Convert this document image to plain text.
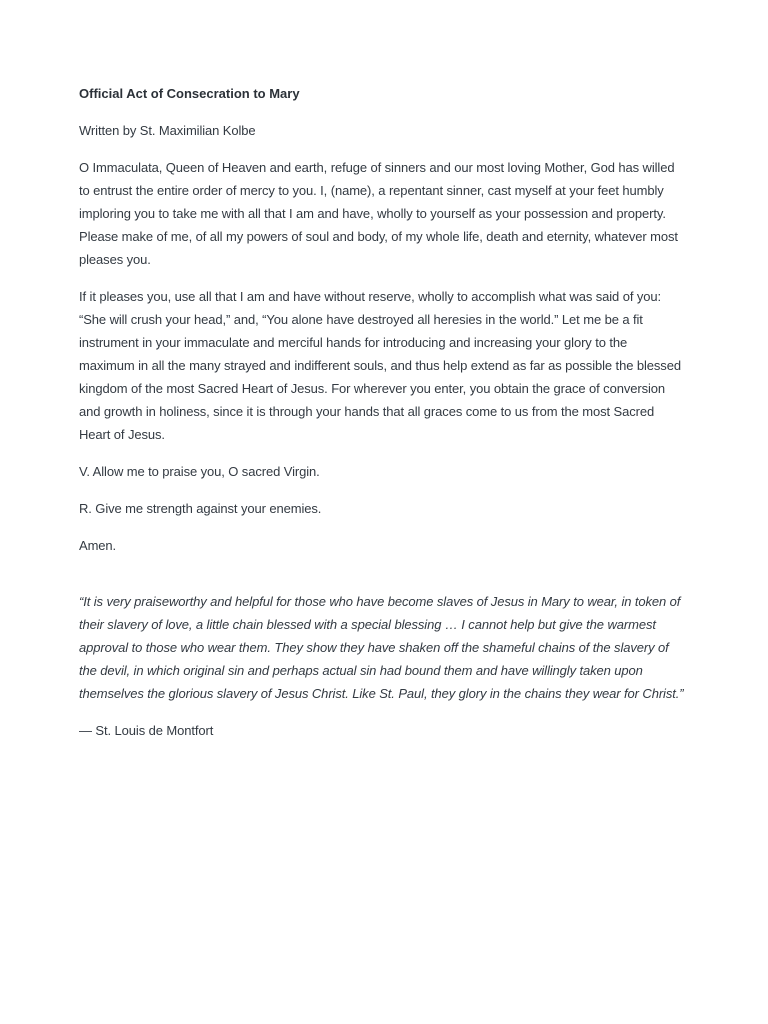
Official Act of Consecration to Mary

Written by St. Maximilian Kolbe

O Immaculata, Queen of Heaven and earth, refuge of sinners and our most loving Mother, God has willed to entrust the entire order of mercy to you. I, (name), a repentant sinner, cast myself at your feet humbly imploring you to take me with all that I am and have, wholly to yourself as your possession and property. Please make of me, of all my powers of soul and body, of my whole life, death and eternity, whatever most pleases you.

If it pleases you, use all that I am and have without reserve, wholly to accomplish what was said of you: “She will crush your head,” and, “You alone have destroyed all heresies in the world.” Let me be a fit instrument in your immaculate and merciful hands for introducing and increasing your glory to the maximum in all the many strayed and indifferent souls, and thus help extend as far as possible the blessed kingdom of the most Sacred Heart of Jesus. For wherever you enter, you obtain the grace of conversion and growth in holiness, since it is through your hands that all graces come to us from the most Sacred Heart of Jesus.

V. Allow me to praise you, O sacred Virgin.

R. Give me strength against your enemies.

Amen.

“It is very praiseworthy and helpful for those who have become slaves of Jesus in Mary to wear, in token of their slavery of love, a little chain blessed with a special blessing … I cannot help but give the warmest approval to those who wear them. They show they have shaken off the shameful chains of the slavery of the devil, in which original sin and perhaps actual sin had bound them and have willingly taken upon themselves the glorious slavery of Jesus Christ. Like St. Paul, they glory in the chains they wear for Christ.”

— St. Louis de Montfort
